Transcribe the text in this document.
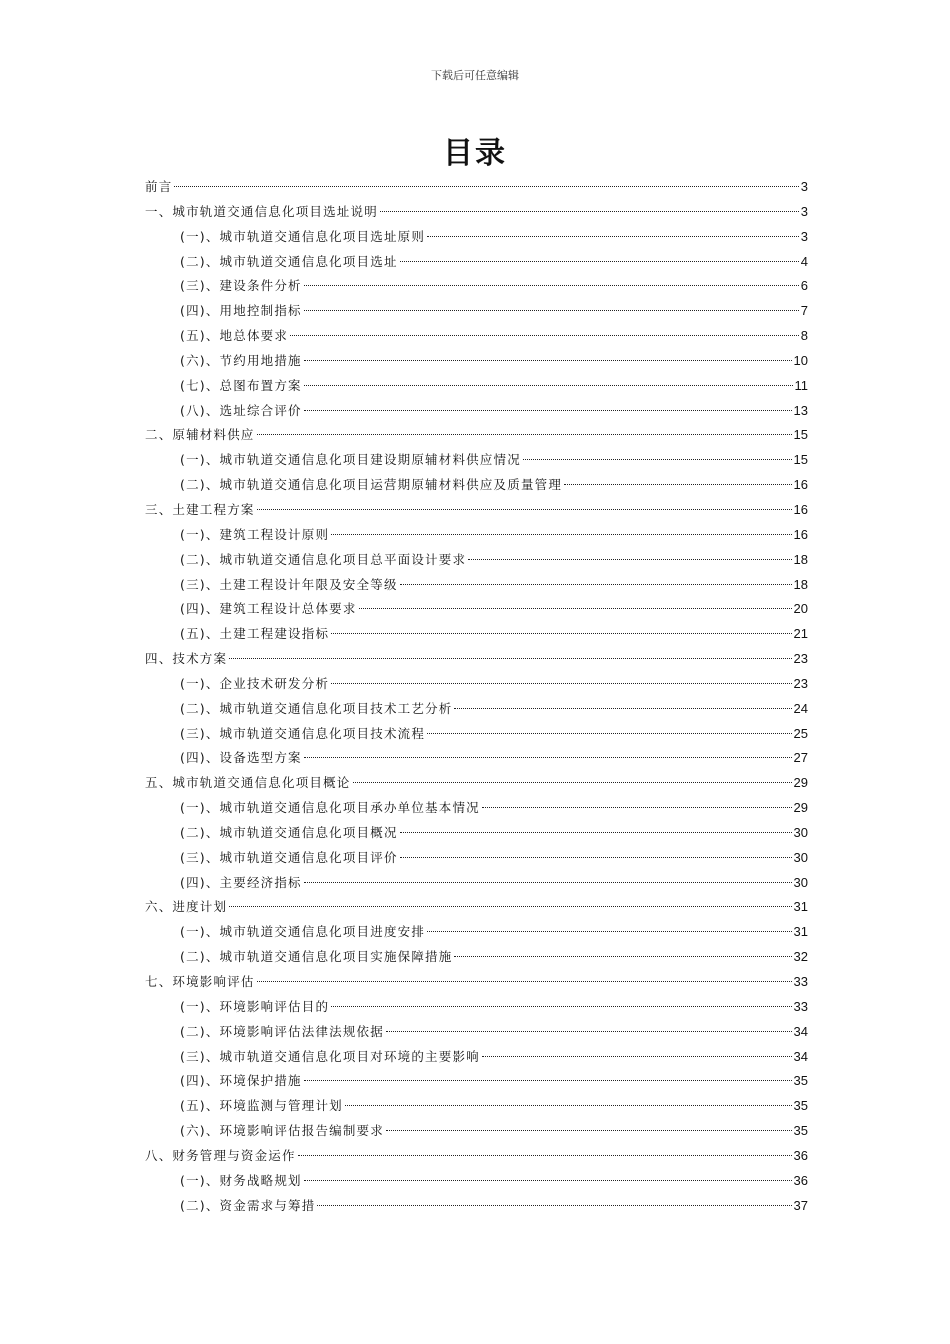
下载后可任意编辑
目录
前言	3
一、城市轨道交通信息化项目选址说明	3
(一)、城市轨道交通信息化项目选址原则	3
(二)、城市轨道交通信息化项目选址	4
(三)、建设条件分析	6
(四)、用地控制指标	7
(五)、地总体要求	8
(六)、节约用地措施	10
(七)、总图布置方案	11
(八)、选址综合评价	13
二、原辅材料供应	15
(一)、城市轨道交通信息化项目建设期原辅材料供应情况	15
(二)、城市轨道交通信息化项目运营期原辅材料供应及质量管理	16
三、土建工程方案	16
(一)、建筑工程设计原则	16
(二)、城市轨道交通信息化项目总平面设计要求	18
(三)、土建工程设计年限及安全等级	18
(四)、建筑工程设计总体要求	20
(五)、土建工程建设指标	21
四、技术方案	23
(一)、企业技术研发分析	23
(二)、城市轨道交通信息化项目技术工艺分析	24
(三)、城市轨道交通信息化项目技术流程	25
(四)、设备选型方案	27
五、城市轨道交通信息化项目概论	29
(一)、城市轨道交通信息化项目承办单位基本情况	29
(二)、城市轨道交通信息化项目概况	30
(三)、城市轨道交通信息化项目评价	30
(四)、主要经济指标	30
六、进度计划	31
(一)、城市轨道交通信息化项目进度安排	31
(二)、城市轨道交通信息化项目实施保障措施	32
七、环境影响评估	33
(一)、环境影响评估目的	33
(二)、环境影响评估法律法规依据	34
(三)、城市轨道交通信息化项目对环境的主要影响	34
(四)、环境保护措施	35
(五)、环境监测与管理计划	35
(六)、环境影响评估报告编制要求	35
八、财务管理与资金运作	36
(一)、财务战略规划	36
(二)、资金需求与筹措	37
